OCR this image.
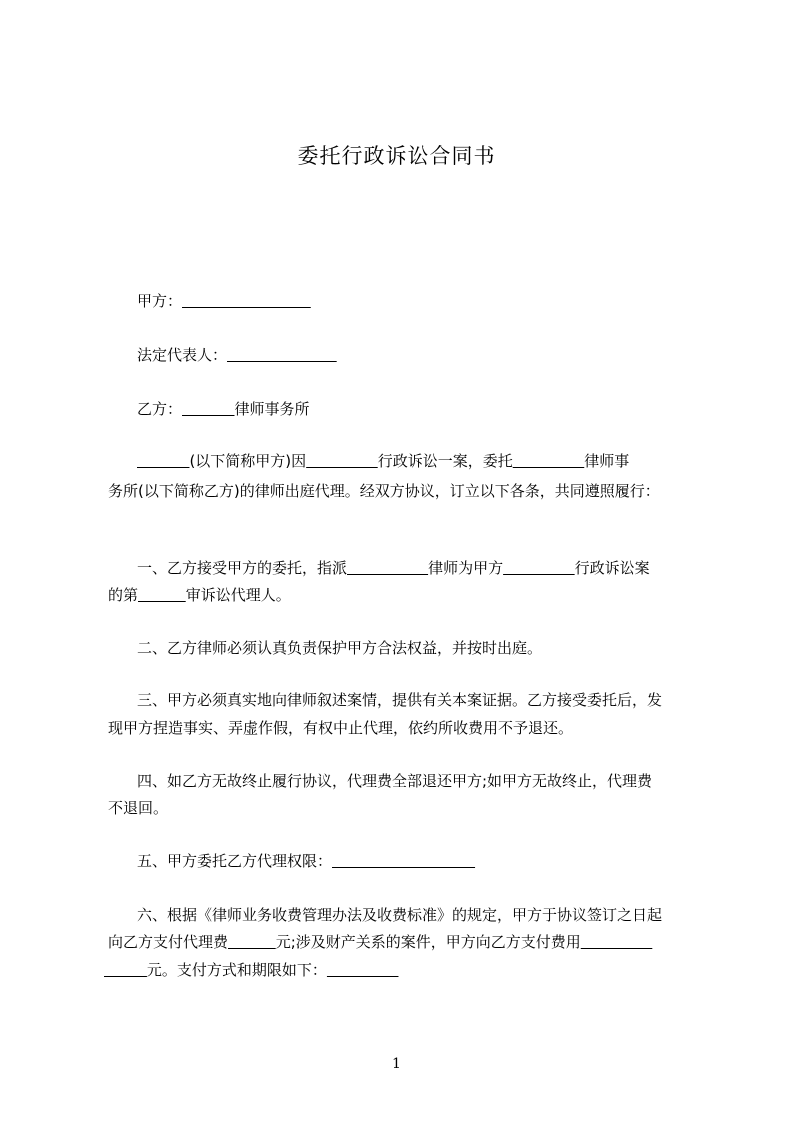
委托行政诉讼合同书
甲方：
法定代表人：
乙方：	律师事务所
(以下简称甲方)因	行政诉讼一案，委托	律师事
务所(以下简称乙方)的律师出庭代理。经双方协议，订立以下各条，共同遵照履行：
一、乙方接受甲方的委托，指派	律师为甲方	行政诉讼案
的第	审诉讼代理人。
二、乙方律师必须认真负责保护甲方合法权益，并按时出庭。
三、甲方必须真实地向律师叙述案情，提供有关本案证据。乙方接受委托后，发
现甲方捏造事实、弄虚作假，有权中止代理，依约所收费用不予退还。
四、如乙方无故终止履行协议，代理费全部退还甲方;如甲方无故终止，代理费
不退回。
五、甲方委托乙方代理权限：
六、根据《律师业务收费管理办法及收费标准》的规定，甲方于协议签订之日起
向乙方支付代理费	元;涉及财产关系的案件，甲方向乙方支付费用
元。支付方式和期限如下：
1
